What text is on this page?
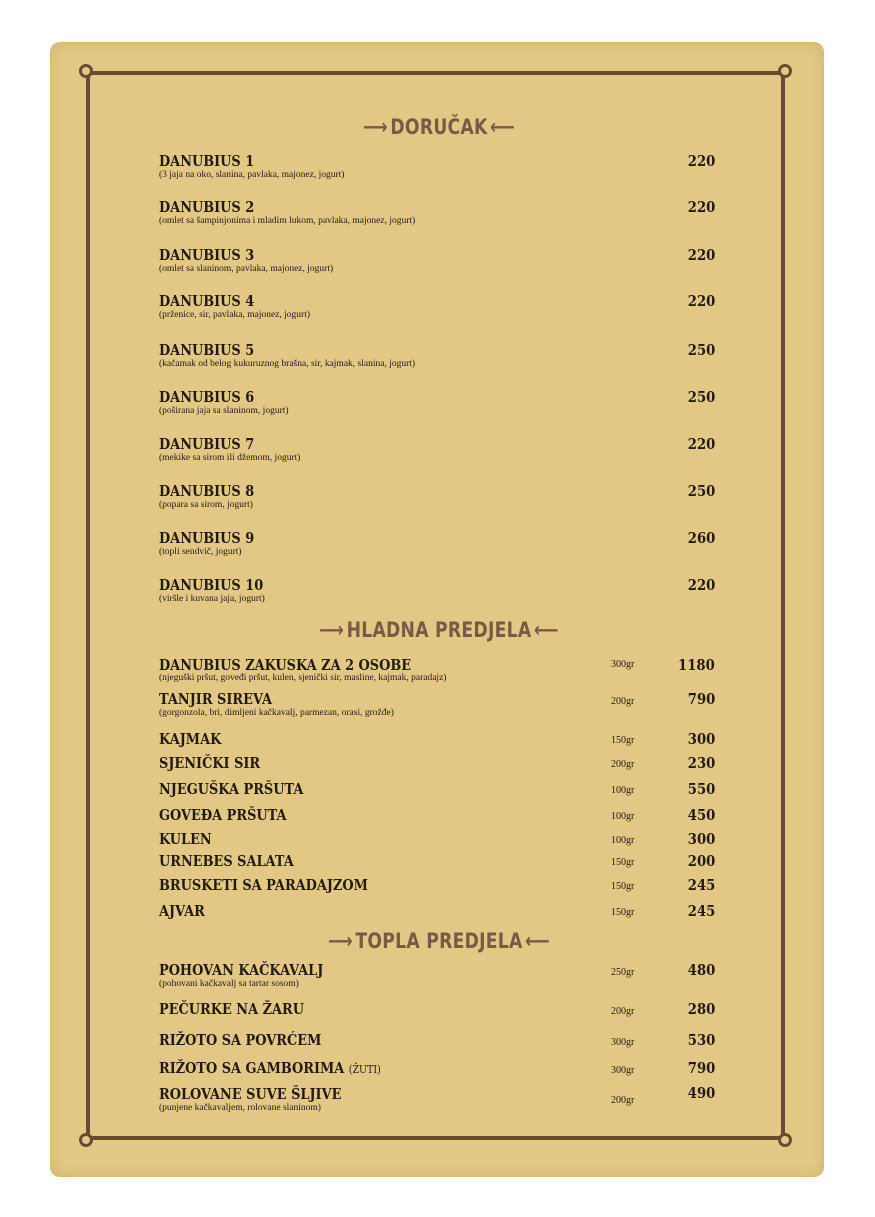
⟶ DORUČAK ⟵
DANUBIUS 1
(3 jaja na oko, slanina, pavlaka, majonez, jogurt)
220
DANUBIUS 2
(omlet sa šampinjonima i mladim lukom, pavlaka, majonez, jogurt)
220
DANUBIUS 3
(omlet sa slaninom, pavlaka, majonez, jogurt)
220
DANUBIUS 4
(prženice, sir, pavlaka, majonez, jogurt)
220
DANUBIUS 5
(kačamak od belog kukuruznog brašna, sir, kajmak, slanina, jogurt)
250
DANUBIUS 6
(poširana jaja sa slaninom, jogurt)
250
DANUBIUS 7
(mekike sa sirom ili džemom, jogurt)
220
DANUBIUS 8
(popara sa sirom, jogurt)
250
DANUBIUS 9
(topli sendvič, jogurt)
260
DANUBIUS 10
(viršle i kuvana jaja, jogurt)
220
⟶ HLADNA PREDJELA ⟵
DANUBIUS ZAKUSKA ZA 2 OSOBE
(njeguški pršut, goveđi pršut, kulen, sjenički sir, masline, kajmak, paradajz)
300gr	1180
TANJIR SIREVA
(gorgonzola, bri, dimljeni kačkavalj, parmezan, orasi, grožđe)
200gr	790
KAJMAK	150gr	300
SJENIČKI SIR	200gr	230
NJEGUŠKA PRŠUTA	100gr	550
GOVEĐA PRŠUTA	100gr	450
KULEN	100gr	300
URNEBES SALATA	150gr	200
BRUSKETI SA PARADAJZOM	150gr	245
AJVAR	150gr	245
⟶ TOPLA PREDJELA ⟵
POHOVAN KAČKAVALJ
(pohovani kačkavalj sa tartar sosom)
250gr	480
PEČURKE NA ŽARU	200gr	280
RIŽOTO SA POVRĆEM	300gr	530
RIŽOTO SA GAMBORIMA (ŽUTI)	300gr	790
ROLOVANE SUVE ŠLJIVE
(punjene kačkavaljem, rolovane slaninom)
200gr	490
